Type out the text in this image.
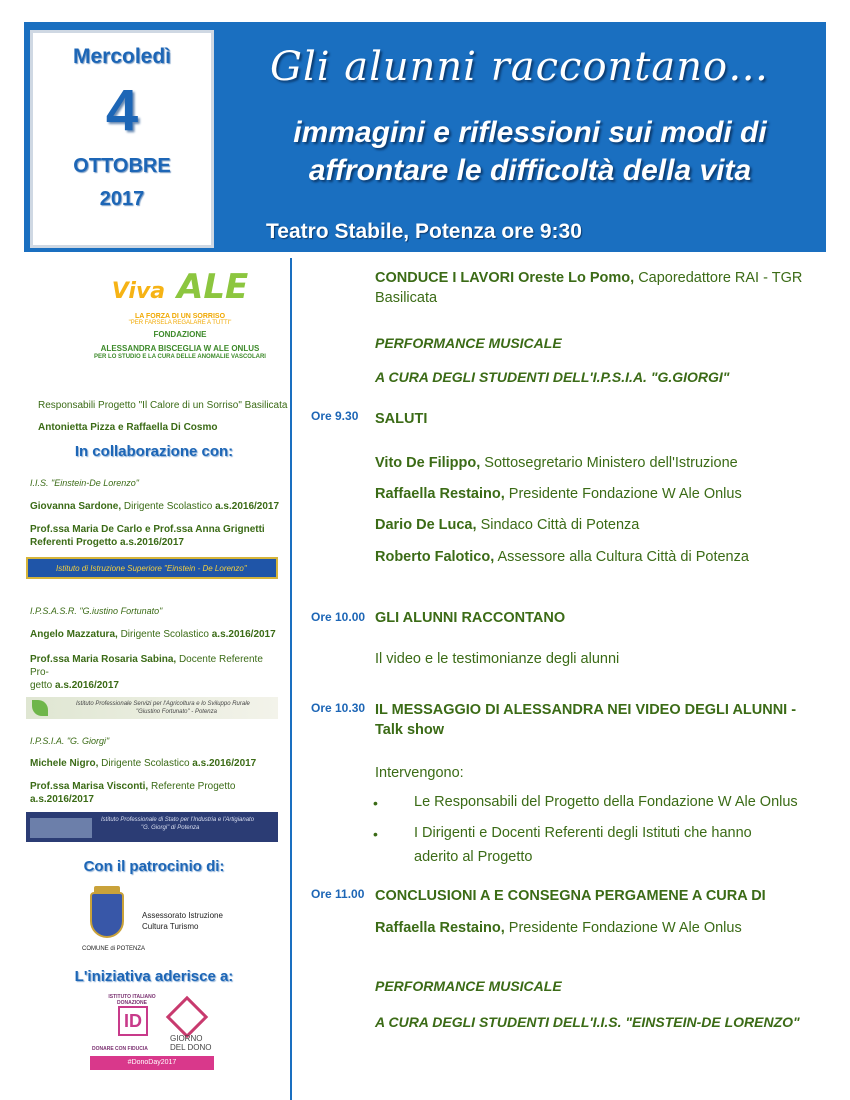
Mercoledì
4
OTTOBRE
2017
Gli alunni raccontano…
immagini e riflessioni sui modi di
affrontare le difficoltà della vita
Teatro Stabile, Potenza ore 9:30
Viva ALE
LA FORZA DI UN SORRISO
"PER FARSELA REGALARE A TUTTI"
FONDAZIONE
ALESSANDRA BISCEGLIA W ALE ONLUS
PER LO STUDIO E LA CURA DELLE ANOMALIE VASCOLARI
Responsabili Progetto "Il Calore di un Sorriso" Basilicata
Antonietta Pizza e Raffaella Di Cosmo
In collaborazione con:
I.I.S. "Einstein-De Lorenzo"
Giovanna Sardone, Dirigente Scolastico a.s.2016/2017
Prof.ssa Maria De Carlo e Prof.ssa Anna Grignetti
Referenti Progetto a.s.2016/2017
Istituto di Istruzione Superiore "Einstein - De Lorenzo"
I.P.S.A.S.R. "G.iustino Fortunato"
Angelo Mazzatura, Dirigente Scolastico a.s.2016/2017
Prof.ssa Maria Rosaria Sabina, Docente Referente Pro-
getto a.s.2016/2017
Istituto Professionale Servizi per l'Agricoltura e lo Sviluppo Rurale
"Giustino Fortunato" - Potenza
I.P.S.I.A. "G. Giorgi"
Michele Nigro, Dirigente Scolastico a.s.2016/2017
Prof.ssa Marisa Visconti, Referente Progetto
a.s.2016/2017
Istituto Professionale di Stato per l'Industria e l'Artigianato
"G. Giorgi" di Potenza
Con il patrocinio di:
Assessorato Istruzione
Cultura Turismo
COMUNE di POTENZA
L'iniziativa aderisce a:
ISTITUTO ITALIANO DONAZIONE
ID
DONARE CON FIDUCIA
GIORNO
DEL DONO
#DonoDay2017
CONDUCE I LAVORI Oreste Lo Pomo, Caporedattore RAI - TGR
Basilicata
PERFORMANCE MUSICALE
A CURA DEGLI STUDENTI DELL'I.P.S.I.A. "G.GIORGI"
Ore 9.30 SALUTI
Vito De Filippo, Sottosegretario Ministero dell'Istruzione
Raffaella Restaino, Presidente Fondazione W Ale Onlus
Dario De Luca, Sindaco Città di Potenza
Roberto Falotico, Assessore alla Cultura Città di Potenza
Ore 10.00 GLI ALUNNI RACCONTANO
Il video e le testimonianze degli alunni
Ore 10.30 IL MESSAGGIO DI ALESSANDRA NEI VIDEO DEGLI ALUNNI -
Talk show
Intervengono:
• Le Responsabili del Progetto della Fondazione W Ale Onlus
• I Dirigenti e Docenti Referenti degli Istituti che hanno
aderito al Progetto
Ore 11.00 CONCLUSIONI A E CONSEGNA PERGAMENE A CURA DI
Raffaella Restaino, Presidente Fondazione W Ale Onlus
PERFORMANCE MUSICALE
A CURA DEGLI STUDENTI DELL'I.I.S. "EINSTEIN-DE LORENZO"
